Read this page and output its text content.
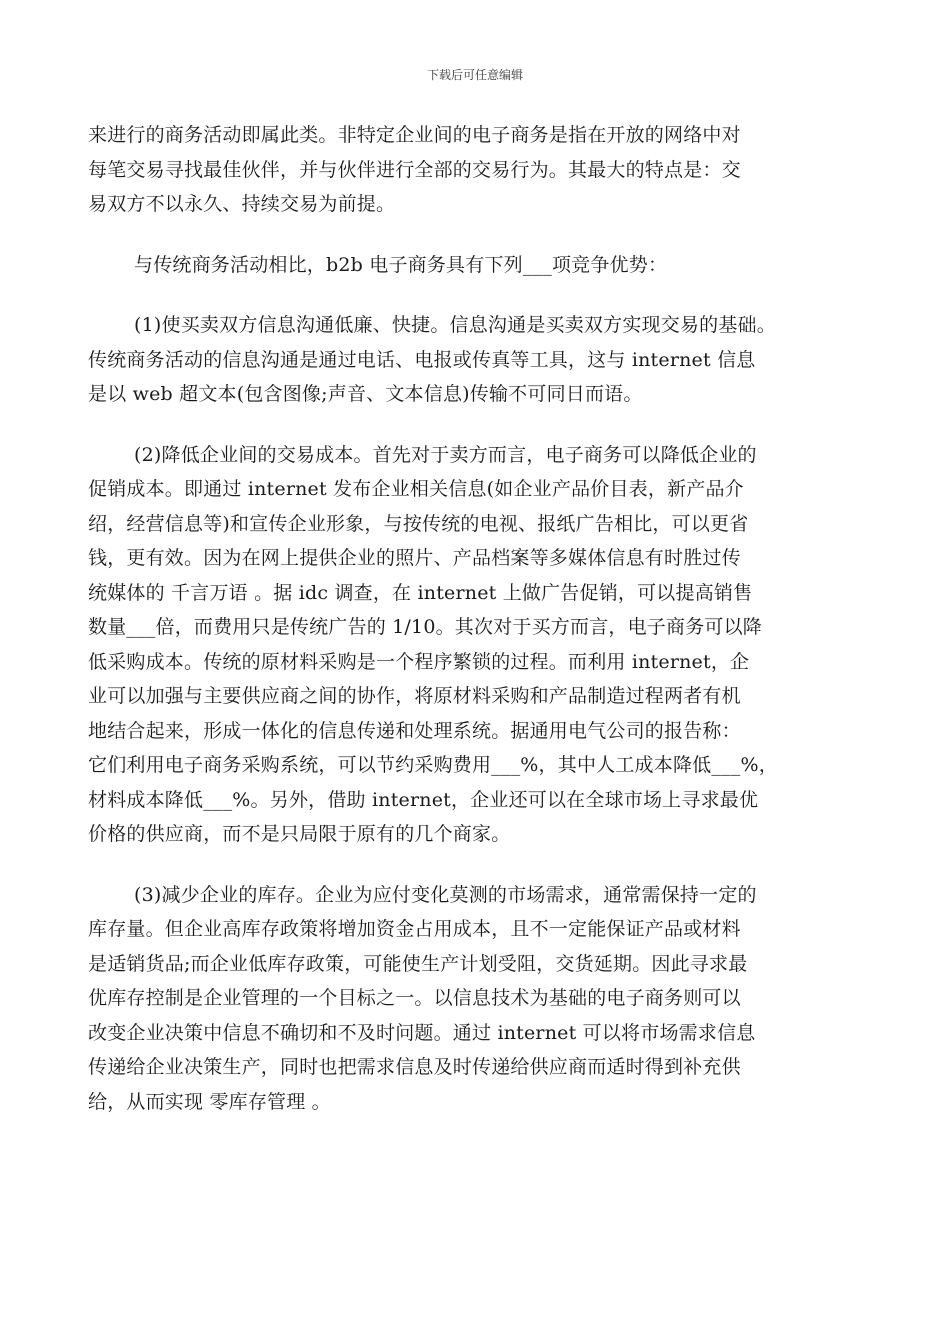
下载后可任意编辑
来进行的商务活动即属此类。非特定企业间的电子商务是指在开放的网络中对
每笔交易寻找最佳伙伴，并与伙伴进行全部的交易行为。其最大的特点是：交
易双方不以永久、持续交易为前提。
与传统商务活动相比，b2b 电子商务具有下列___项竞争优势：
(1)使买卖双方信息沟通低廉、快捷。信息沟通是买卖双方实现交易的基础。
传统商务活动的信息沟通是通过电话、电报或传真等工具，这与 internet 信息
是以 web 超文本(包含图像;声音、文本信息)传输不可同日而语。
(2)降低企业间的交易成本。首先对于卖方而言，电子商务可以降低企业的
促销成本。即通过 internet 发布企业相关信息(如企业产品价目表，新产品介
绍，经营信息等)和宣传企业形象，与按传统的电视、报纸广告相比，可以更省
钱，更有效。因为在网上提供企业的照片、产品档案等多媒体信息有时胜过传
统媒体的 千言万语 。据 idc 调查，在 internet 上做广告促销，可以提高销售
数量___倍，而费用只是传统广告的 1/10。其次对于买方而言，电子商务可以降
低采购成本。传统的原材料采购是一个程序繁锁的过程。而利用 internet，企
业可以加强与主要供应商之间的协作，将原材料采购和产品制造过程两者有机
地结合起来，形成一体化的信息传递和处理系统。据通用电气公司的报告称：
它们利用电子商务采购系统，可以节约采购费用___%，其中人工成本降低___%，
材料成本降低___%。另外，借助 internet，企业还可以在全球市场上寻求最优
价格的供应商，而不是只局限于原有的几个商家。
(3)减少企业的库存。企业为应付变化莫测的市场需求，通常需保持一定的
库存量。但企业高库存政策将增加资金占用成本，且不一定能保证产品或材料
是适销货品;而企业低库存政策，可能使生产计划受阻，交货延期。因此寻求最
优库存控制是企业管理的一个目标之一。以信息技术为基础的电子商务则可以
改变企业决策中信息不确切和不及时问题。通过 internet 可以将市场需求信息
传递给企业决策生产，同时也把需求信息及时传递给供应商而适时得到补充供
给，从而实现 零库存管理 。
